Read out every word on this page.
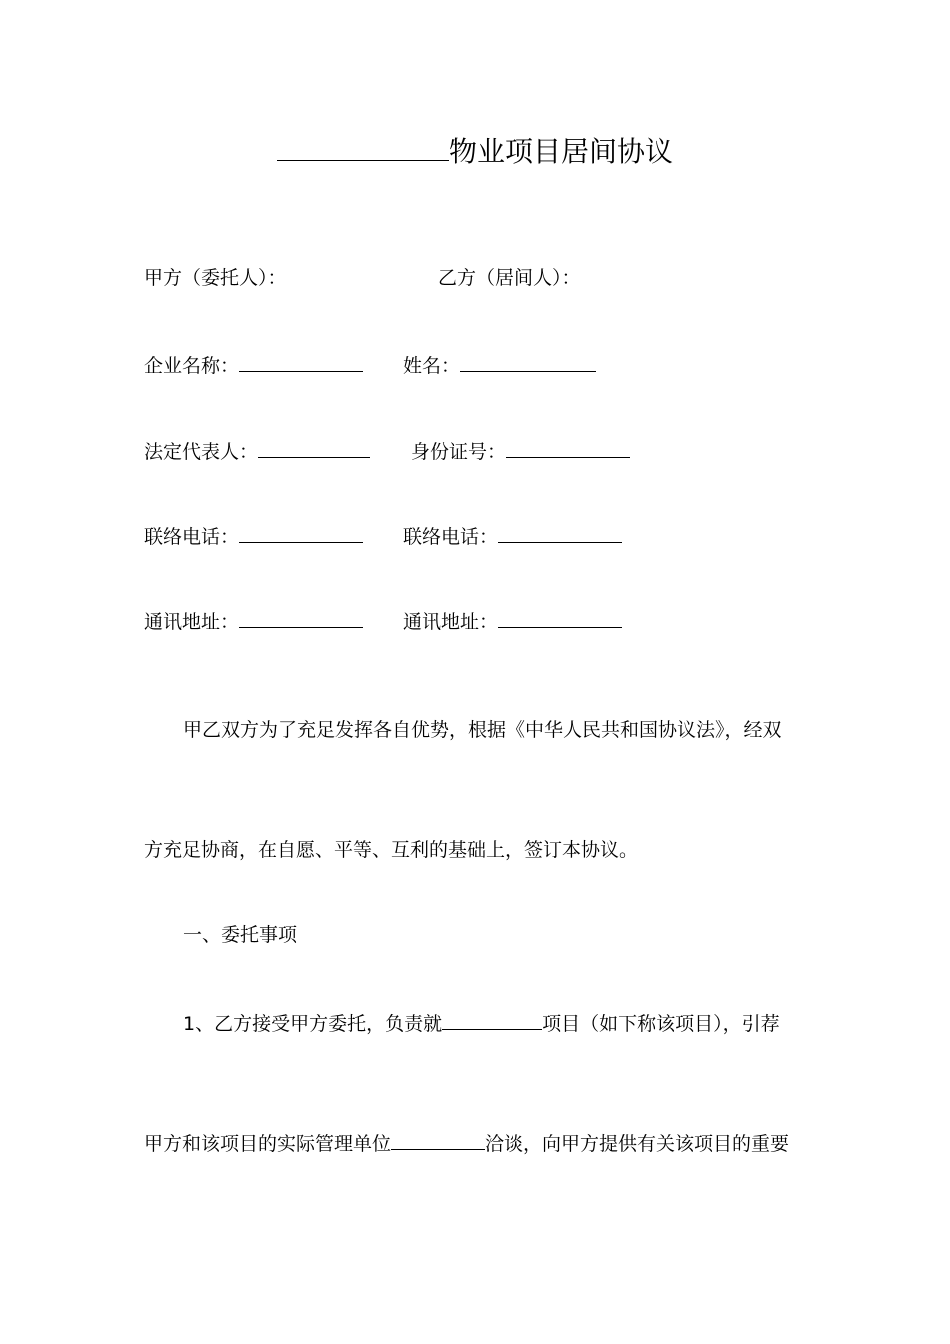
物业项目居间协议
甲方（委托人）：	乙方（居间人）：
企业名称：	姓名：
法定代表人：	身份证号：
联络电话：	联络电话：
通讯地址：	通讯地址：
甲乙双方为了充足发挥各自优势，根据《中华人民共和国协议法》，经双
方充足协商，在自愿、平等、互利的基础上，签订本协议。
一、委托事项
1、乙方接受甲方委托，负责就	项目（如下称该项目），引荐
甲方和该项目的实际管理单位	洽谈，向甲方提供有关该项目的重要
